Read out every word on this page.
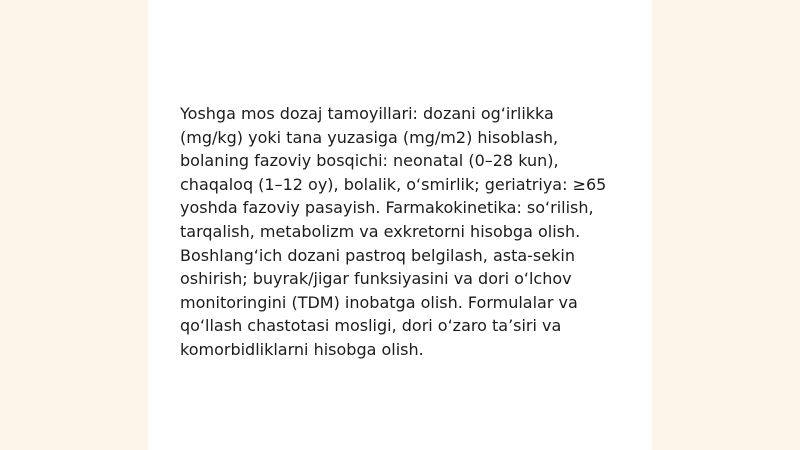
Yoshga mos dozaj tamoyillari: dozani og‘irlikka
(mg/kg) yoki tana yuzasiga (mg/m2) hisoblash,
bolaning fazoviy bosqichi: neonatal (0–28 kun),
chaqaloq (1–12 oy), bolalik, o‘smirlik; geriatriya: ≥65
yoshda fazoviy pasayish. Farmakokinetika: so‘rilish,
tarqalish, metabolizm va exkretorni hisobga olish.
Boshlang‘ich dozani pastroq belgilash, asta-sekin
oshirish; buyrak/jigar funksiyasini va dori o‘lchov
monitoringini (TDM) inobatga olish. Formulalar va
qo‘llash chastotasi mosligi, dori o‘zaro ta’siri va
komorbidliklarni hisobga olish.
